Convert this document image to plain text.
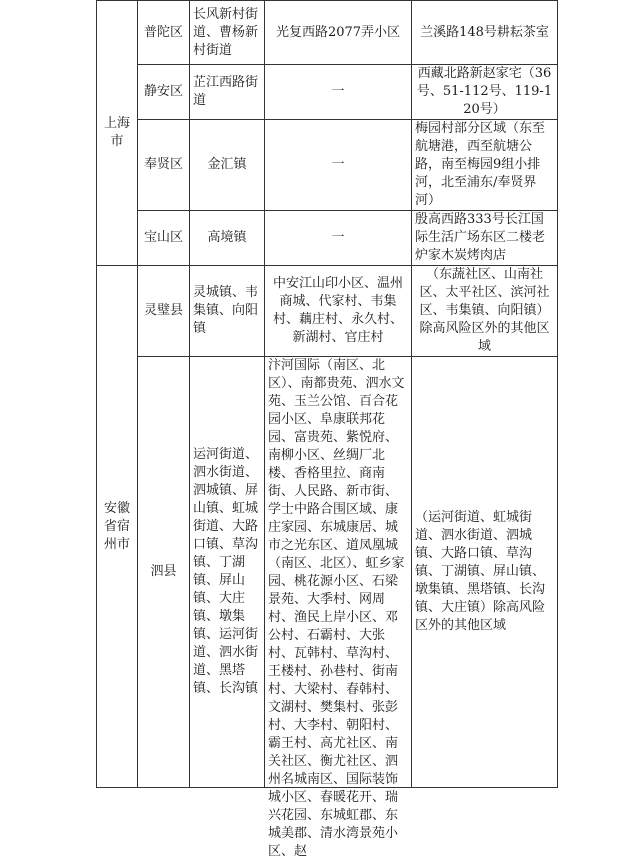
上海市	普陀区	长风新村街道、曹杨新村街道	光复西路2077弄小区	兰溪路148号耕耘茶室
	静安区	芷江西路街道	一	西藏北路新赵家宅（36号、51-112号、119-120号）
	奉贤区	金汇镇	一	梅园村部分区域（东至航塘港，西至航塘公路，南至梅园9组小排河，北至浦东/奉贤界河）
	宝山区	高境镇	一	殷高西路333号长江国际生活广场东区二楼老炉家木炭烤肉店
安徽省宿州市	灵璧县	灵城镇、韦集镇、向阳镇	中安江山印小区、温州商城、代家村、韦集村、藕庄村、永久村、新湖村、官庄村	（东蔬社区、山南社区、太平社区、滨河社区、韦集镇、向阳镇）除高风险区外的其他区域
	泗县	运河街道、泗水街道、泗城镇、屏山镇、虹城街道、大路口镇、草沟镇、丁湖镇、屏山镇、大庄镇、墩集镇、运河街道、泗水街道、黑塔镇、长沟镇	汴河国际（南区、北区）、南都贵苑、泗水文苑、玉兰公馆、百合花园小区、阜康联邦花园、富贵苑、紫悦府、南柳小区、丝绸厂北楼、香格里拉、商南街、人民路、新市街、学士中路合围区域、康庄家园、东城康居、城市之光东区、道凤凰城（南区、北区）、虹乡家园、桃花源小区、石梁景苑、大季村、网周村、渔民上岸小区、邓公村、石霸村、大张村、瓦韩村、草沟村、王楼村、孙巷村、街南村、大梁村、春韩村、文湖村、樊集村、张彭村、大李村、朝阳村、霸王村、高尤社区、南关社区、衡尤社区、泗州名城南区、国际装饰城小区、春暖花开、瑞兴花园、东城虹郡、东城美郡、清水湾景苑小区、赵	（运河街道、虹城街道、泗水街道、泗城镇、大路口镇、草沟镇、丁湖镇、屏山镇、墩集镇、黑塔镇、长沟镇、大庄镇）除高风险区外的其他区域
